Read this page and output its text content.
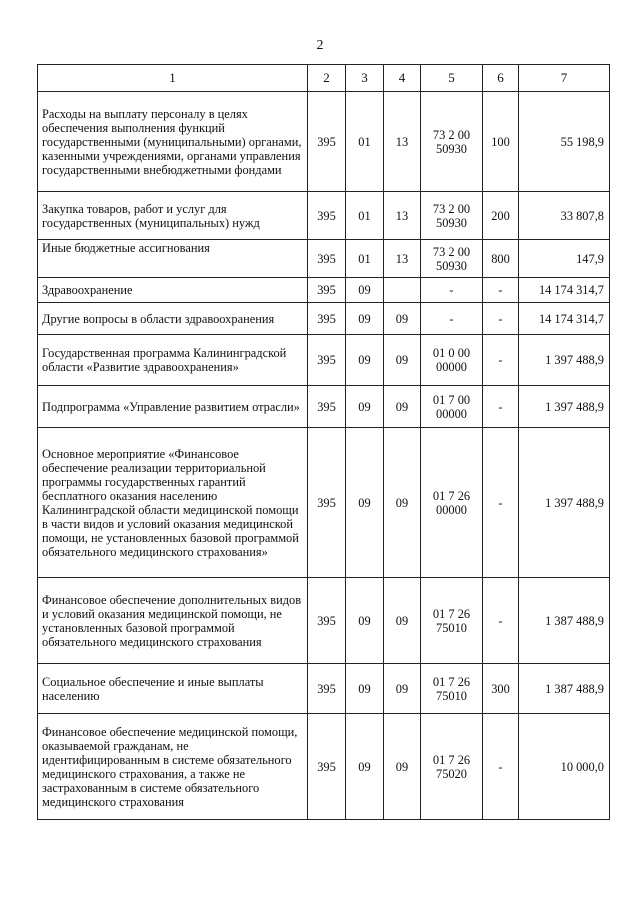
2
1	2	3	4	5	6	7
Расходы на выплату персоналу в целях обеспечения выполнения функций государственными (муниципальными) органами, казенными учреждениями, органами управления государственными внебюджетными фондами	395	01	13	73 2 00 50930	100	55 198,9
Закупка товаров, работ и услуг для государственных (муниципальных) нужд	395	01	13	73 2 00 50930	200	33 807,8
Иные бюджетные ассигнования	395	01	13	73 2 00 50930	800	147,9
Здравоохранение	395	09		-	-	14 174 314,7
Другие вопросы в области здравоохранения	395	09	09	-	-	14 174 314,7
Государственная программа Калининградской области «Развитие здравоохранения»	395	09	09	01 0 00 00000	-	1 397 488,9
Подпрограмма «Управление развитием отрасли»	395	09	09	01 7 00 00000	-	1 397 488,9
Основное мероприятие «Финансовое обеспечение реализации территориальной программы государственных гарантий бесплатного оказания населению Калининградской области медицинской помощи в части видов и условий оказания медицинской помощи, не установленных базовой программой обязательного медицинского страхования»	395	09	09	01 7 26 00000	-	1 397 488,9
Финансовое обеспечение дополнительных видов и условий оказания медицинской помощи, не установленных базовой программой обязательного медицинского страхования	395	09	09	01 7 26 75010	-	1 387 488,9
Социальное обеспечение и иные выплаты населению	395	09	09	01 7 26 75010	300	1 387 488,9
Финансовое обеспечение медицинской помощи, оказываемой гражданам, не идентифицированным в системе обязательного медицинского страхования, а также не застрахованным в системе обязательного медицинского страхования	395	09	09	01 7 26 75020	-	10 000,0
